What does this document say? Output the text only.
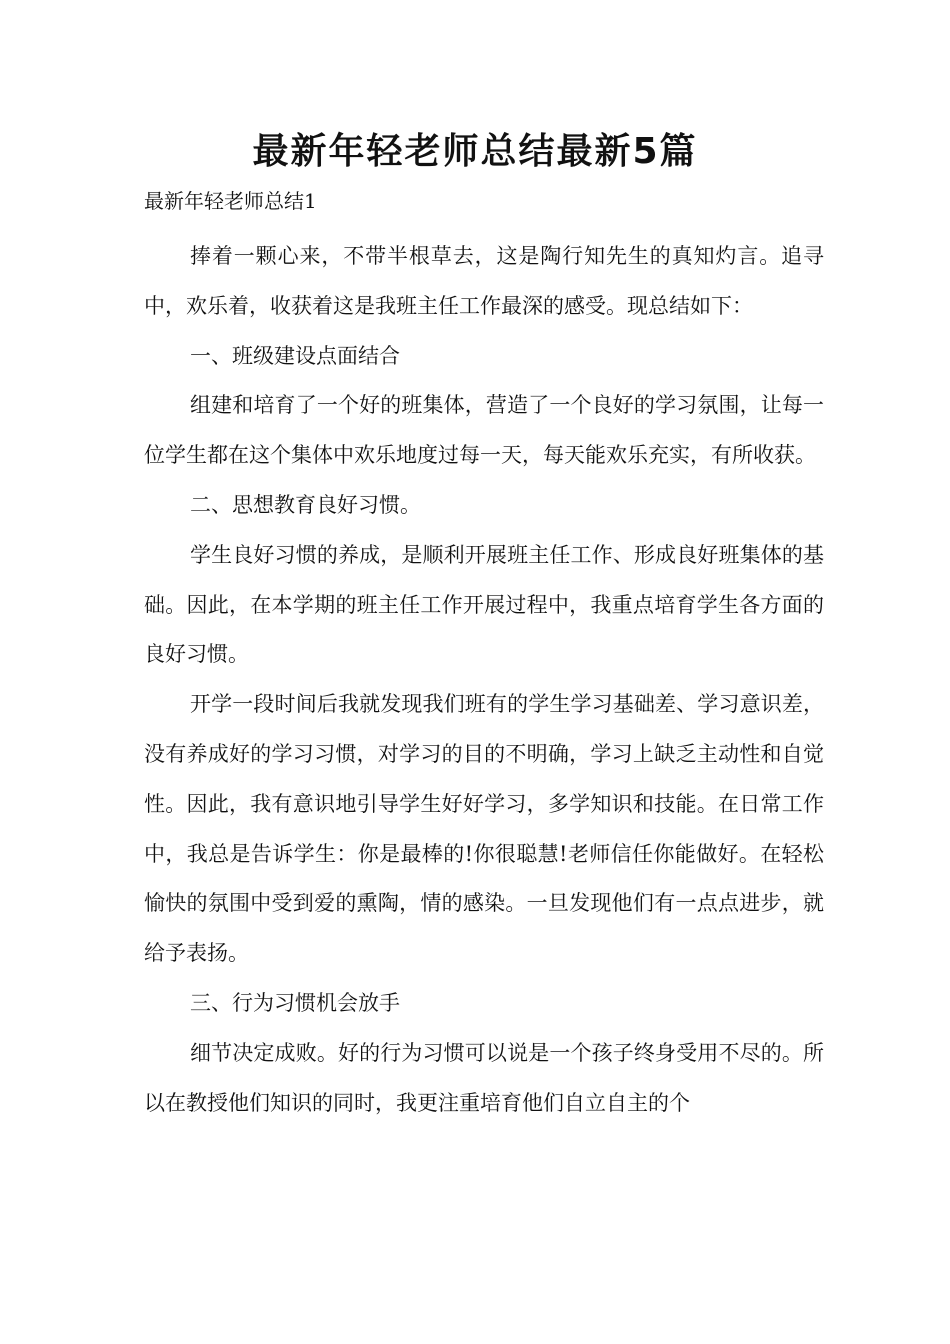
最新年轻老师总结最新5篇
最新年轻老师总结1

捧着一颗心来，不带半根草去，这是陶行知先生的真知灼言。追寻中，欢乐着，收获着这是我班主任工作最深的感受。现总结如下：

一、班级建设点面结合

组建和培育了一个好的班集体，营造了一个良好的学习氛围，让每一位学生都在这个集体中欢乐地度过每一天，每天能欢乐充实，有所收获。

二、思想教育良好习惯。

学生良好习惯的养成，是顺利开展班主任工作、形成良好班集体的基础。因此，在本学期的班主任工作开展过程中，我重点培育学生各方面的良好习惯。

开学一段时间后我就发现我们班有的学生学习基础差、学习意识差，没有养成好的学习习惯，对学习的目的不明确，学习上缺乏主动性和自觉性。因此，我有意识地引导学生好好学习，多学知识和技能。在日常工作中，我总是告诉学生：你是最棒的!你很聪慧!老师信任你能做好。在轻松愉快的氛围中受到爱的熏陶，情的感染。一旦发现他们有一点点进步，就给予表扬。

三、行为习惯机会放手

细节决定成败。好的行为习惯可以说是一个孩子终身受用不尽的。所以在教授他们知识的同时，我更注重培育他们自立自主的个
